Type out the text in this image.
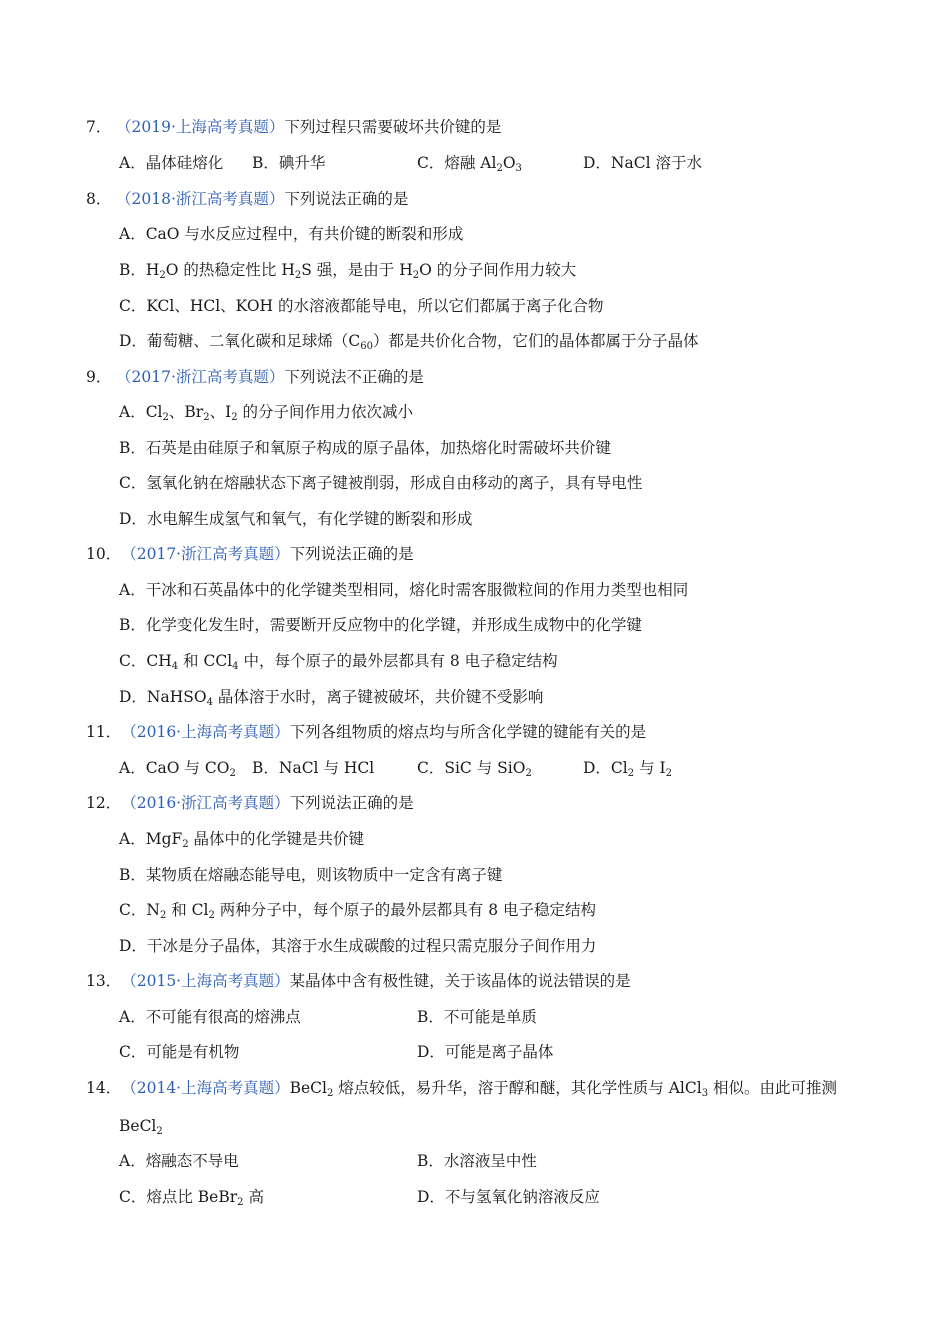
7． （2019·上海高考真题）下列过程只需要破坏共价键的是
A．晶体硅熔化 B．碘升华	C．熔融 $Al_2O_3$	D．NaCl 溶于水
8． （2018·浙江高考真题）下列说法正确的是
A．CaO 与水反应过程中，有共价键的断裂和形成
B．$H_2O$ 的热稳定性比 $H_2S$ 强，是由于 $H_2O$ 的分子间作用力较大
C．KCl、HCl、KOH 的水溶液都能导电，所以它们都属于离子化合物
D．葡萄糖、二氧化碳和足球烯$(C_{60})$都是共价化合物，它们的晶体都属于分子晶体
9． （2017·浙江高考真题）下列说法不正确的是
A．$Cl_2$、$Br_2$、$I_2$ 的分子间作用力依次减小
B．石英是由硅原子和氧原子构成的原子晶体，加热熔化时需破坏共价键
C．氢氧化钠在熔融状态下离子键被削弱，形成自由移动的离子，具有导电性
D．水电解生成氢气和氧气，有化学键的断裂和形成
10．（2017·浙江高考真题）下列说法正确的是
A．干冰和石英晶体中的化学键类型相同，熔化时需客服微粒间的作用力类型也相同
B．化学变化发生时，需要断开反应物中的化学键，并形成生成物中的化学键
C．$CH_4$ 和 CCl$_4$ 中，每个原子的最外层都具有 8 电子稳定结构
D．NaHSO$_4$ 晶体溶于水时，离子键被破坏，共价键不受影响
11．（2016·上海高考真题）下列各组物质的熔点均与所含化学键的键能有关的是
A．CaO 与 $CO_2$ B．NaCl 与 HCl	C．SiC 与 SiO$_2$	D．$Cl_2$ 与 $I_2$
12．（2016·浙江高考真题）下列说法正确的是
A．MgF$_2$ 晶体中的化学键是共价键
B．某物质在熔融态能导电，则该物质中一定含有离子键
C．$N_2$ 和 $Cl_2$ 两种分子中，每个原子的最外层都具有 8 电子稳定结构
D．干冰是分子晶体，其溶于水生成碳酸的过程只需克服分子间作用力
13．（2015·上海高考真题）某晶体中含有极性键，关于该晶体的说法错误的是
A．不可能有很高的熔沸点	B．不可能是单质
C．可能是有机物	D．可能是离子晶体
14．（2014·上海高考真题）BeCl$_2$ 熔点较低，易升华，溶于醇和醚，其化学性质与 AlCl$_3$ 相似。由此可推测
BeCl$_2$
A．熔融态不导电	B．水溶液呈中性
C．熔点比 BeBr$_2$ 高	D．不与氢氧化钠溶液反应
